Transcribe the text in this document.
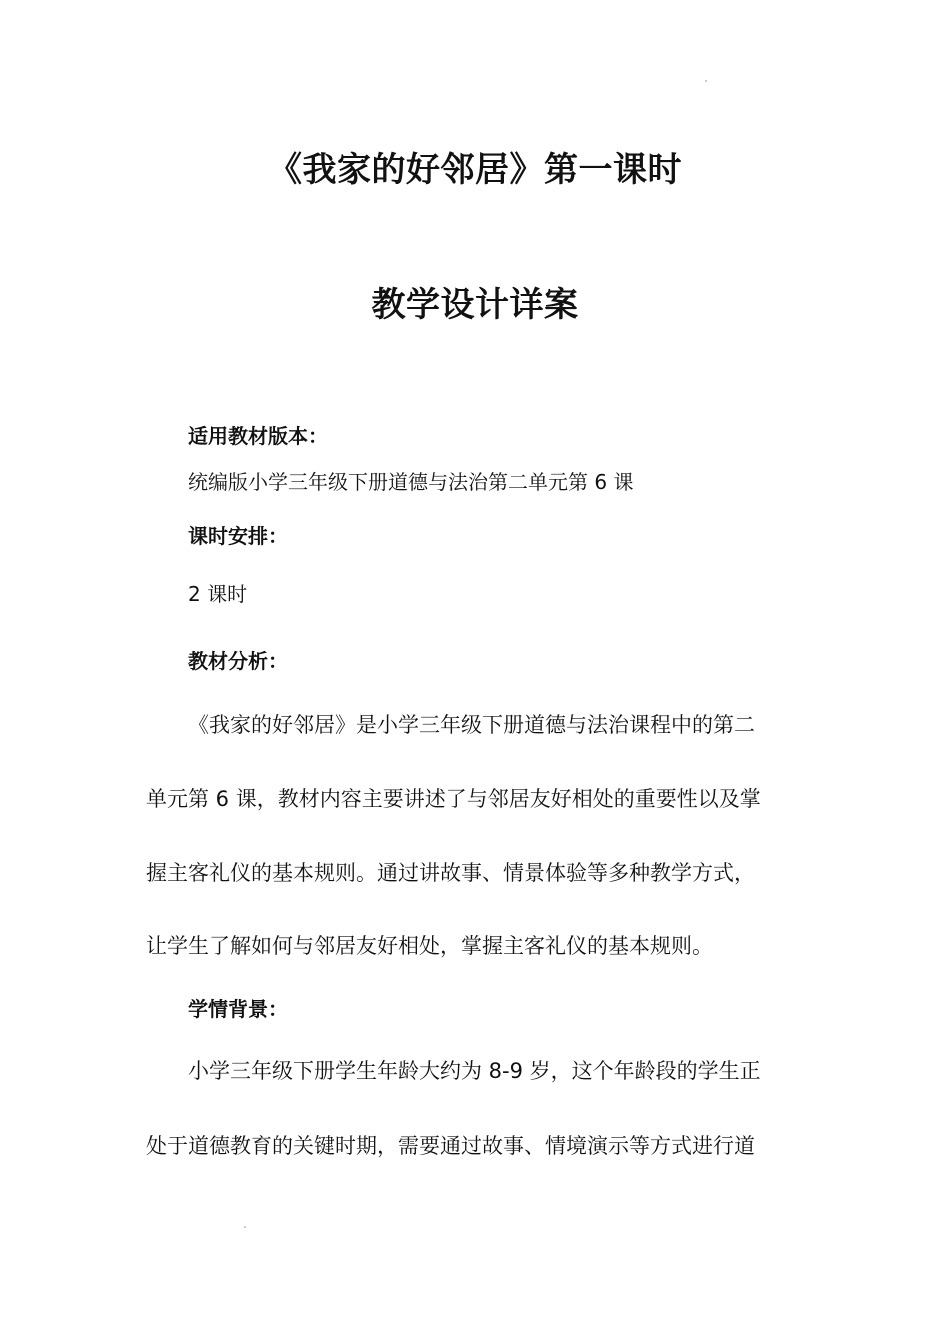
《我家的好邻居》第一课时
教学设计详案
适用教材版本：
统编版小学三年级下册道德与法治第二单元第 6 课
课时安排：
2 课时
教材分析：
《我家的好邻居》是小学三年级下册道德与法治课程中的第二
单元第 6 课，教材内容主要讲述了与邻居友好相处的重要性以及掌
握主客礼仪的基本规则。通过讲故事、情景体验等多种教学方式，
让学生了解如何与邻居友好相处，掌握主客礼仪的基本规则。
学情背景：
小学三年级下册学生年龄大约为 8-9 岁，这个年龄段的学生正
处于道德教育的关键时期，需要通过故事、情境演示等方式进行道
